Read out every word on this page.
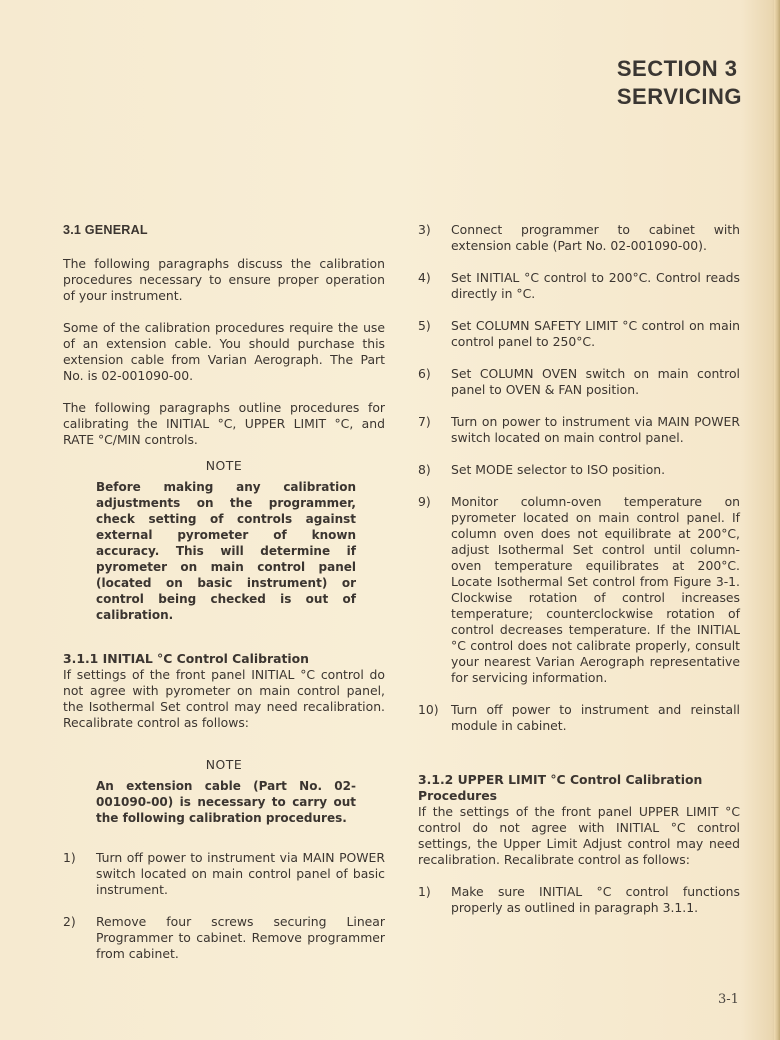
SECTION 3
SERVICING
3.1 GENERAL

The following paragraphs discuss the calibration procedures necessary to ensure proper operation of your instrument.

Some of the calibration procedures require the use of an extension cable. You should purchase this extension cable from Varian Aerograph. The Part No. is 02-001090-00.

The following paragraphs outline procedures for calibrating the INITIAL °C, UPPER LIMIT °C, and RATE °C/MIN controls.

NOTE
Before making any calibration adjustments on the programmer, check setting of controls against external pyrometer of known accuracy. This will determine if pyrometer on main control panel (located on basic instrument) or control being checked is out of calibration.
3.1.1 INITIAL °C Control Calibration

If settings of the front panel INITIAL °C control do not agree with pyrometer on main control panel, the Isothermal Set control may need recalibration. Recalibrate control as follows:

NOTE
An extension cable (Part No. 02-001090-00) is necessary to carry out the following calibration procedures.
1)	Turn off power to instrument via MAIN POWER switch located on main control panel of basic instrument.
2)	Remove four screws securing Linear Programmer to cabinet. Remove programmer from cabinet.
3)	Connect programmer to cabinet with extension cable (Part No. 02-001090-00).
4)	Set INITIAL °C control to 200°C. Control reads directly in °C.
5)	Set COLUMN SAFETY LIMIT °C control on main control panel to 250°C.
6)	Set COLUMN OVEN switch on main control panel to OVEN & FAN position.
7)	Turn on power to instrument via MAIN POWER switch located on main control panel.
8)	Set MODE selector to ISO position.
9)	Monitor column-oven temperature on pyrometer located on main control panel. If column oven does not equilibrate at 200°C, adjust Isothermal Set control until column-oven temperature equilibrates at 200°C. Locate Isothermal Set control from Figure 3-1. Clockwise rotation of control increases temperature; counterclockwise rotation of control decreases temperature. If the INITIAL °C control does not calibrate properly, consult your nearest Varian Aerograph representative for servicing information.
10) Turn off power to instrument and reinstall module in cabinet.
3.1.2 UPPER LIMIT °C Control Calibration Procedures

If the settings of the front panel UPPER LIMIT °C control do not agree with INITIAL °C control settings, the Upper Limit Adjust control may need recalibration. Recalibrate control as follows:

1)	Make sure INITIAL °C control functions properly as outlined in paragraph 3.1.1.
3-1
